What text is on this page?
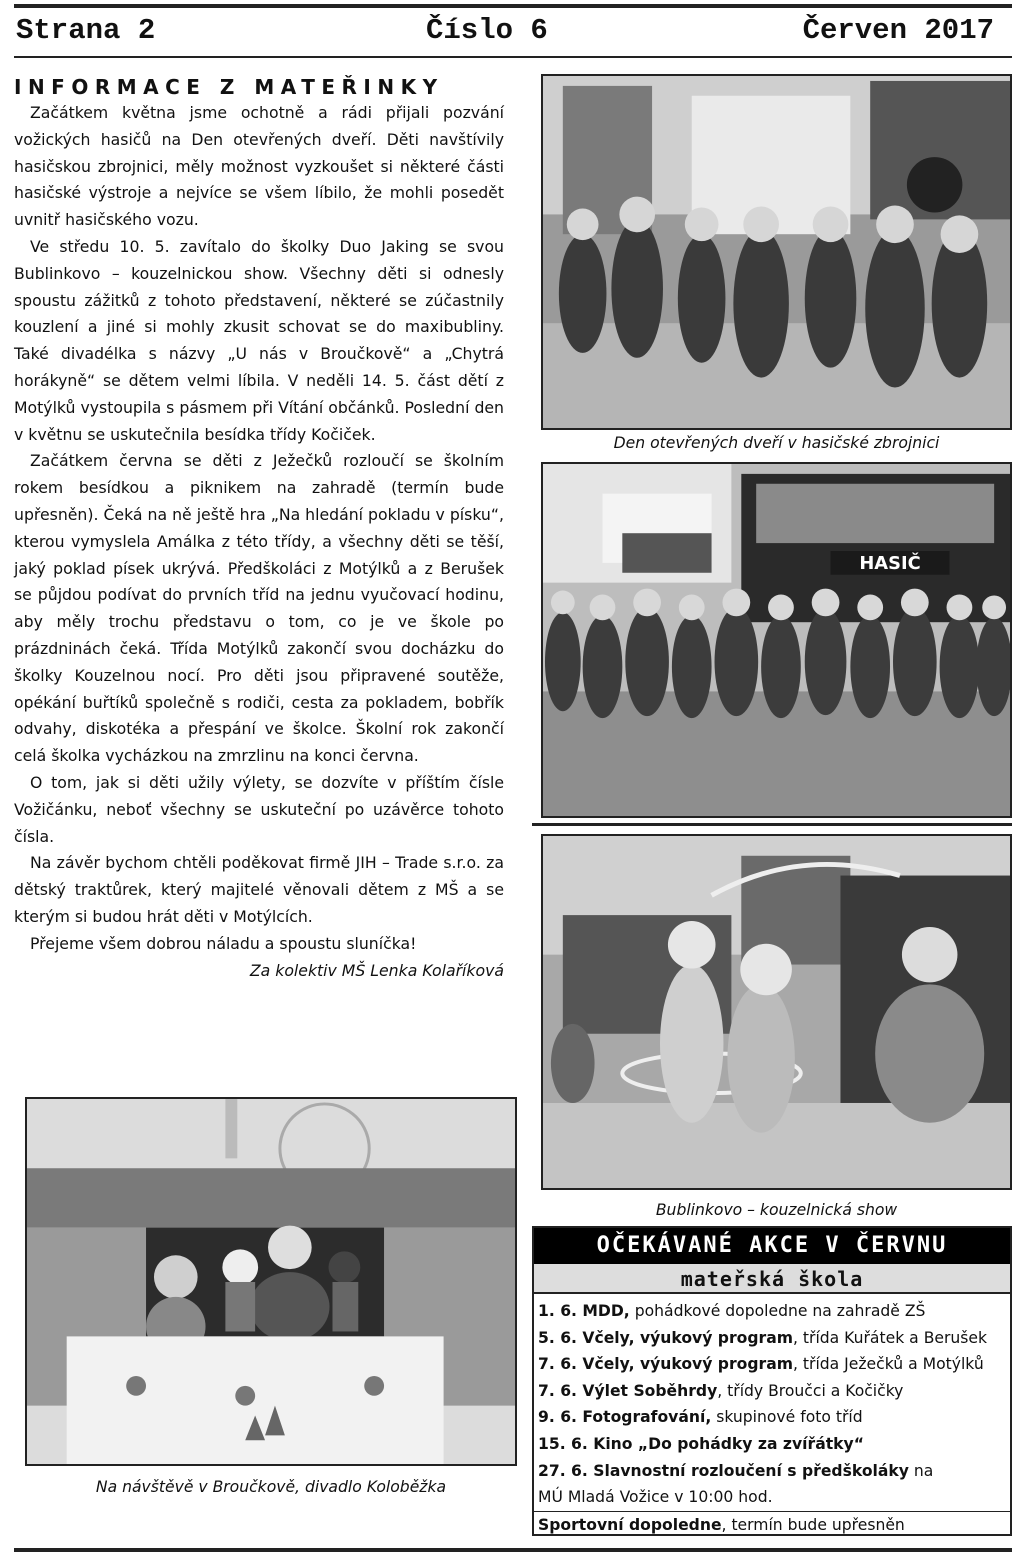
Strana 2	Číslo 6	Červen 2017
INFORMACE Z MATEŘINKY

Začátkem května jsme ochotně a rádi přijali pozvání vožických hasičů na Den otevřených dveří. Děti navštívily hasičskou zbrojnici, měly možnost vyzkoušet si některé části hasičské výstroje a nejvíce se všem líbilo, že mohli posedět uvnitř hasičského vozu.

Ve středu 10. 5. zavítalo do školky Duo Jaking se svou Bublinkovo – kouzelnickou show. Všechny děti si odnesly spoustu zážitků z tohoto představení, některé se zúčastnily kouzlení a jiné si mohly zkusit schovat se do maxibubliny. Také divadélka s názvy „U nás v Broučkově“ a „Chytrá horákyně“ se dětem velmi líbila. V neděli 14. 5. část dětí z Motýlků vystoupila s pásmem při Vítání občánků. Poslední den v květnu se uskutečnila besídka třídy Kočiček.

Začátkem června se děti z Ježečků rozloučí se školním rokem besídkou a piknikem na zahradě (termín bude upřesněn). Čeká na ně ještě hra „Na hledání pokladu v písku“, kterou vymyslela Amálka z této třídy, a všechny děti se těší, jaký poklad písek ukrývá. Předškoláci z Motýlků a z Berušek se půjdou podívat do prvních tříd na jednu vyučovací hodinu, aby měly trochu představu o tom, co je ve škole po prázdninách čeká. Třída Motýlků zakončí svou docházku do školky Kouzelnou nocí. Pro děti jsou připravené soutěže, opékání buřtíků společně s rodiči, cesta za pokladem, bobřík odvahy, diskotéka a přespání ve školce. Školní rok zakončí celá školka vycházkou na zmrzlinu na konci června.

O tom, jak si děti užily výlety, se dozvíte v příštím čísle Vožičánku, neboť všechny se uskuteční po uzávěrce tohoto čísla.

Na závěr bychom chtěli poděkovat firmě JIH – Trade s.r.o. za dětský traktůrek, který majitelé věnovali dětem z MŠ a se kterým si budou hrát děti v Motýlcích.

Přejeme všem dobrou náladu a spoustu sluníčka!

Za kolektiv MŠ Lenka Kolaříková

Den otevřených dveří v hasičské zbrojnici
HASIČ
Bublinkovo – kouzelnická show
Na návštěvě v Broučkově, divadlo Koloběžka
OČEKÁVANÉ AKCE V ČERVNU
mateřská škola
1. 6. MDD, pohádkové dopoledne na zahradě ZŠ
5. 6. Včely, výukový program, třída Kuřátek a Berušek
7. 6. Včely, výukový program, třída Ježečků a Motýlků
7. 6. Výlet Soběhrdy, třídy Broučci a Kočičky
9. 6. Fotografování, skupinové foto tříd
15. 6. Kino „Do pohádky za zvířátky“
27. 6. Slavnostní rozloučení s předškoláky na
MÚ Mladá Vožice v 10:00 hod.
Sportovní dopoledne, termín bude upřesněn
